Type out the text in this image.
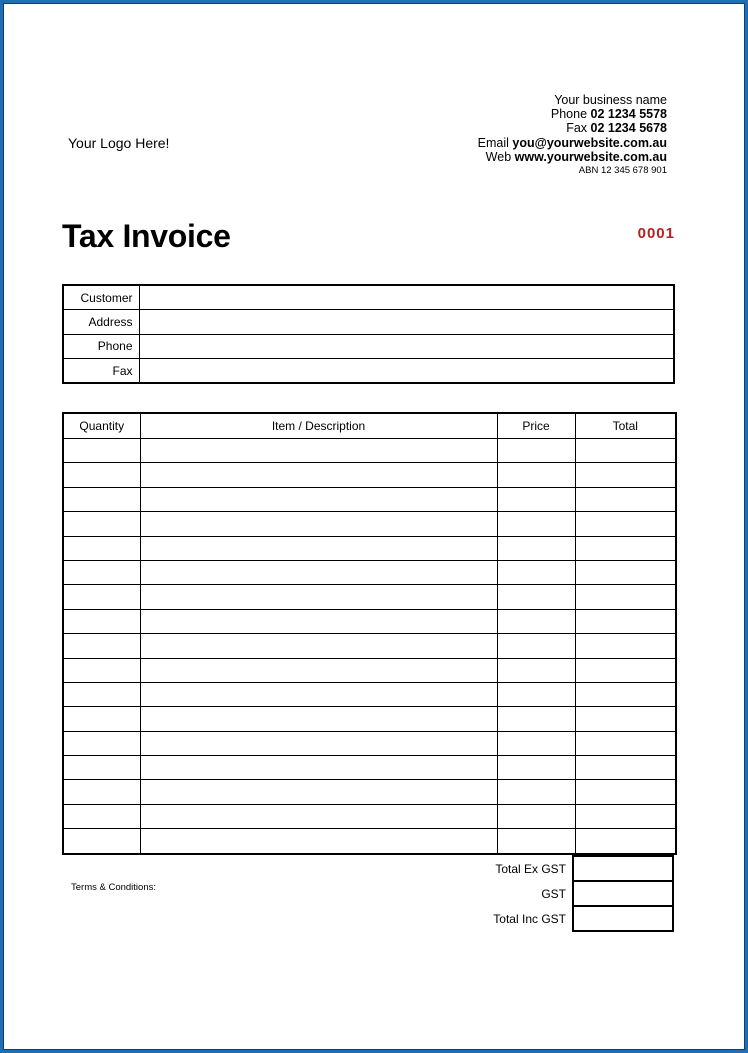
Your Logo Here!
Your business name
Phone 02 1234 5578
Fax 02 1234 5678
Email you@yourwebsite.com.au
Web www.yourwebsite.com.au
ABN 12 345 678 901
Tax Invoice	0001
Customer	
Address	
Phone	
Fax	
Quantity	Item / Description	Price	Total

Total Ex GST	
GST	
Total Inc GST	
Terms & Conditions:
